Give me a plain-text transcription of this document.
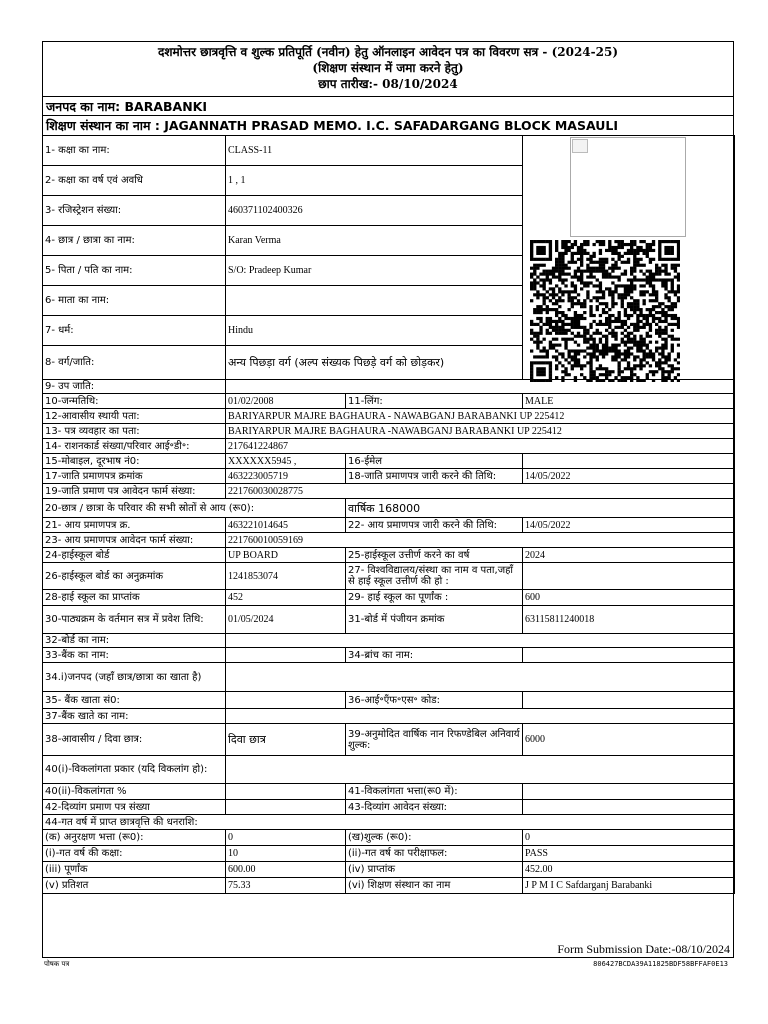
दशमोत्तर छात्रवृत्ति व शुल्क प्रतिपूर्ति (नवीन) हेतु ऑनलाइन आवेदन पत्र का विवरण सत्र - (2024-25)
(शिक्षण संस्थान में जमा करने हेतु)
छाप तारीख:- 08/10/2024
जनपद का नाम: BARABANKI
शिक्षण संस्थान का नाम : JAGANNATH PRASAD MEMO. I.C. SAFADARGANG BLOCK MASAULI
1- कक्षा का नाम:	CLASS-11		
2- कक्षा का वर्ष एवं अवधि	1 , 1		
3- रजिस्ट्रेशन संख्या:	460371102400326		
4- छात्र / छात्रा का नाम:	Karan Verma		
5- पिता / पति का नाम:	S/O: Pradeep Kumar		
6- माता का नाम:			
7- धर्म:	Hindu		
8- वर्ग/जाति:	अन्य पिछड़ा वर्ग (अल्प संख्यक पिछड़े वर्ग को छोड़कर)		
9- उप जाति:			
10-जन्मतिथि:	01/02/2008	11-लिंग:	MALE
12-आवासीय स्थायी पता:	BARIYARPUR MAJRE BAGHAURA - NAWABGANJ BARABANKI UP 225412		
13- पत्र व्यवहार का पता:	BARIYARPUR MAJRE BAGHAURA -NAWABGANJ BARABANKI UP 225412		
14- राशनकार्ड संख्या/परिवार आई॰डी॰:	217641224867		
15-मोबाइल, दूरभाष नं0:	XXXXXX5945 ,	16-ईमेल	
17-जाति प्रमाणपत्र क्रमांक	463223005719	18-जाति प्रमाणपत्र जारी करने की तिथि:	14/05/2022
19-जाति प्रमाण पत्र आवेदन फार्म संख्या:	221760030028775		
20-छात्र / छात्रा के परिवार की सभी स्रोतों से आय (रू0):		वार्षिक 168000	
21- आय प्रमाणपत्र क्र.	463221014645	22- आय प्रमाणपत्र जारी करने की तिथि:	14/05/2022
23- आय प्रमाणपत्र आवेदन फार्म संख्या:	221760010059169		
24-हाईस्कूल बोर्ड	UP BOARD	25-हाईस्कूल उत्तीर्ण करने का वर्ष	2024
26-हाईस्कूल बोर्ड का अनुक्रमांक	1241853074	27- विश्वविद्यालय/संस्था का नाम व पता,जहाँ से हाई स्कूल उत्तीर्ण की हो :	
28-हाई स्कूल का प्राप्तांक	452	29- हाई स्कूल का पूर्णांक :	600
30-पाठ्यक्रम के वर्तमान सत्र में प्रवेश तिथि:	01/05/2024	31-बोर्ड में पंजीयन क्रमांक	63115811240018
32-बोर्ड का नाम:			
33-बैंक का नाम:		34-ब्रांच का नाम:	
34.i)जनपद (जहाँ छात्र/छात्रा का खाता है)			
35- बैंक खाता सं0:		36-आई॰एँफ॰एस॰ कोड:	
37-बैंक खाते का नाम:			
38-आवासीय / दिवा छात्र:	दिवा छात्र	39-अनुमोदित वार्षिक नान रिफण्डेबिल अनिवार्य शुल्क:	6000
40(i)-विकलांगता प्रकार (यदि विकलांग हो):			
40(ii)-विकलांगता %		41-विकलांगता भत्ता(रू0 में):	
42-दिव्यांग प्रमाण पत्र संख्या		43-दिव्यांग आवेदन संख्या:	
44-गत वर्ष में प्राप्त छात्रवृत्ति की धनराशि:			
(क) अनुरक्षण भत्ता (रू0):	0	(ख)शुल्क (रू0):	0
(i)-गत वर्ष की कक्षा:	10	(ii)-गत वर्ष का परीक्षाफल:	PASS
(iii) पूर्णांक	600.00	(iv) प्राप्तांक	452.00
(v) प्रतिशत	75.33	(vi) शिक्षण संस्थान का नाम	J P M I C Safdarganj Barabanki
Form Submission Date:-08/10/2024
पोषक पत्र	806427BCDA39A11825BDF58BFFAF0E13
